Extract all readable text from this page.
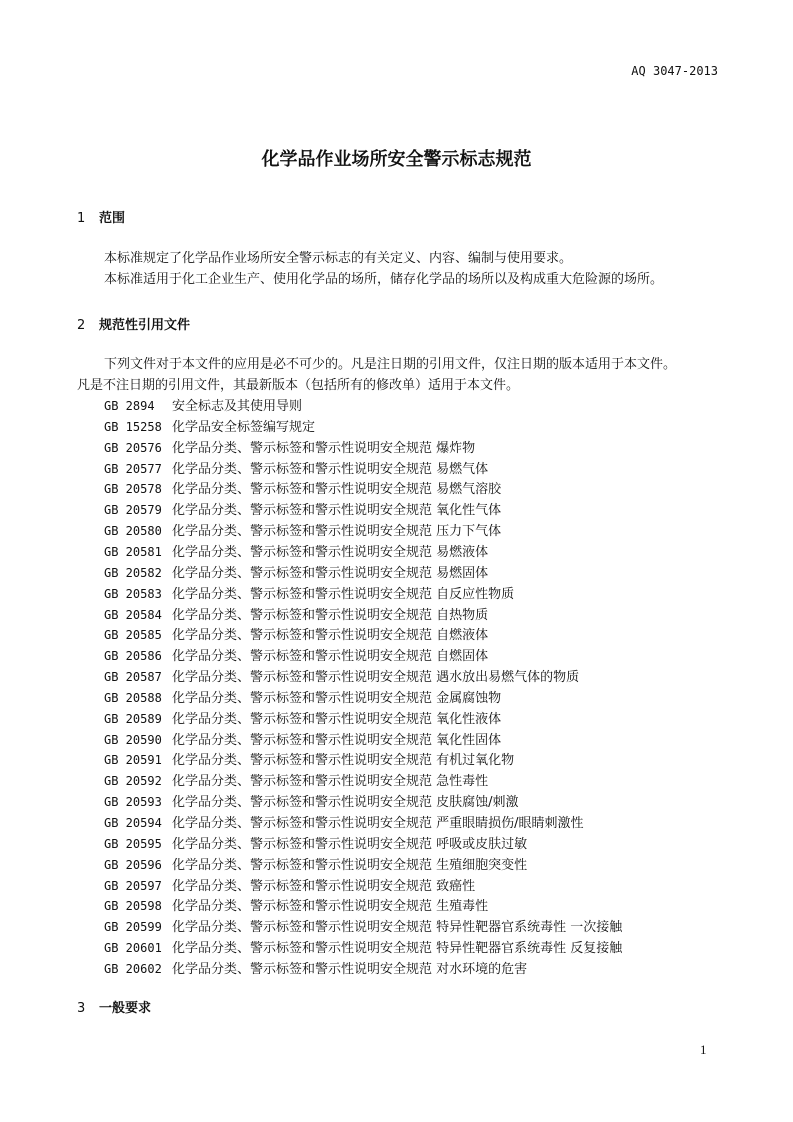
AQ 3047-2013
化学品作业场所安全警示标志规范
1 范围
本标准规定了化学品作业场所安全警示标志的有关定义、内容、编制与使用要求。
本标准适用于化工企业生产、使用化学品的场所，储存化学品的场所以及构成重大危险源的场所。
2 规范性引用文件
下列文件对于本文件的应用是必不可少的。凡是注日期的引用文件，仅注日期的版本适用于本文件。
凡是不注日期的引用文件，其最新版本（包括所有的修改单）适用于本文件。
GB 2894 安全标志及其使用导则
GB 15258 化学品安全标签编写规定
GB 20576 化学品分类、警示标签和警示性说明安全规范 爆炸物
GB 20577 化学品分类、警示标签和警示性说明安全规范 易燃气体
GB 20578 化学品分类、警示标签和警示性说明安全规范 易燃气溶胶
GB 20579 化学品分类、警示标签和警示性说明安全规范 氧化性气体
GB 20580 化学品分类、警示标签和警示性说明安全规范 压力下气体
GB 20581 化学品分类、警示标签和警示性说明安全规范 易燃液体
GB 20582 化学品分类、警示标签和警示性说明安全规范 易燃固体
GB 20583 化学品分类、警示标签和警示性说明安全规范 自反应性物质
GB 20584 化学品分类、警示标签和警示性说明安全规范 自热物质
GB 20585 化学品分类、警示标签和警示性说明安全规范 自燃液体
GB 20586 化学品分类、警示标签和警示性说明安全规范 自燃固体
GB 20587 化学品分类、警示标签和警示性说明安全规范 遇水放出易燃气体的物质
GB 20588 化学品分类、警示标签和警示性说明安全规范 金属腐蚀物
GB 20589 化学品分类、警示标签和警示性说明安全规范 氧化性液体
GB 20590 化学品分类、警示标签和警示性说明安全规范 氧化性固体
GB 20591 化学品分类、警示标签和警示性说明安全规范 有机过氧化物
GB 20592 化学品分类、警示标签和警示性说明安全规范 急性毒性
GB 20593 化学品分类、警示标签和警示性说明安全规范 皮肤腐蚀/刺激
GB 20594 化学品分类、警示标签和警示性说明安全规范 严重眼睛损伤/眼睛刺激性
GB 20595 化学品分类、警示标签和警示性说明安全规范 呼吸或皮肤过敏
GB 20596 化学品分类、警示标签和警示性说明安全规范 生殖细胞突变性
GB 20597 化学品分类、警示标签和警示性说明安全规范 致癌性
GB 20598 化学品分类、警示标签和警示性说明安全规范 生殖毒性
GB 20599 化学品分类、警示标签和警示性说明安全规范 特异性靶器官系统毒性 一次接触
GB 20601 化学品分类、警示标签和警示性说明安全规范 特异性靶器官系统毒性 反复接触
GB 20602 化学品分类、警示标签和警示性说明安全规范 对水环境的危害
3 一般要求
1
